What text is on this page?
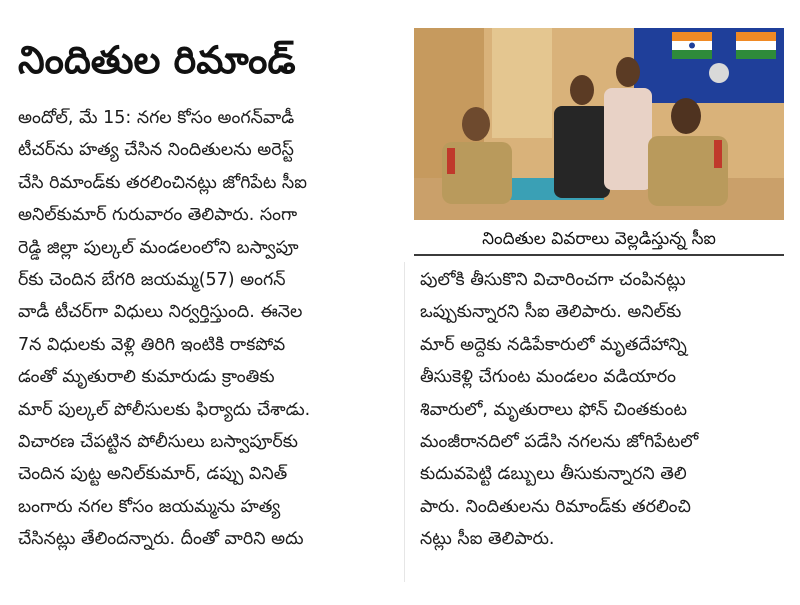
నిందితుల రిమాండ్
అందోల్, మే 15: నగల కోసం అంగన్‌వాడీ
టీచర్‌ను హత్య చేసిన నిందితులను అరెస్ట్
చేసి రిమాండ్‌కు తరలించినట్లు జోగిపేట సీఐ
అనిల్‌కుమార్ గురువారం తెలిపారు. సంగా
రెడ్డి జిల్లా పుల్కల్ మండలంలోని బస్వాపూ
ర్‌కు చెందిన బేగరి జయమ్మ(57) అంగన్
వాడీ టీచర్‌గా విధులు నిర్వర్తిస్తుంది. ఈనెల
7న విధులకు వెళ్లి తిరిగి ఇంటికి రాకపోవ
డంతో మృతురాలి కుమారుడు క్రాంతికు
మార్ పుల్కల్ పోలీసులకు ఫిర్యాదు చేశాడు.
విచారణ చేపట్టిన పోలీసులు బస్వాపూర్‌కు
చెందిన పుట్ట అనిల్‌కుమార్, డప్పు వినిత్
బంగారు నగల కోసం జయమ్మను హత్య
చేసినట్లు తేలిందన్నారు. దీంతో వారిని అదు
నిందితుల వివరాలు వెల్లడిస్తున్న సీఐ
పులోకి తీసుకొని విచారించగా చంపినట్లు
ఒప్పుకున్నారని సీఐ తెలిపారు. అనిల్‌కు
మార్ అద్దెకు నడిపేకారులో మృతదేహాన్ని
తీసుకెళ్లి చేగుంట మండలం వడియారం
శివారులో, మృతురాలు ఫోన్ చింతకుంట
మంజీరానదిలో పడేసి నగలను జోగిపేటలో
కుదువపెట్టి డబ్బులు తీసుకున్నారని తెలి
పారు. నిందితులను రిమాండ్‌కు తరలించి
నట్లు సీఐ తెలిపారు.
